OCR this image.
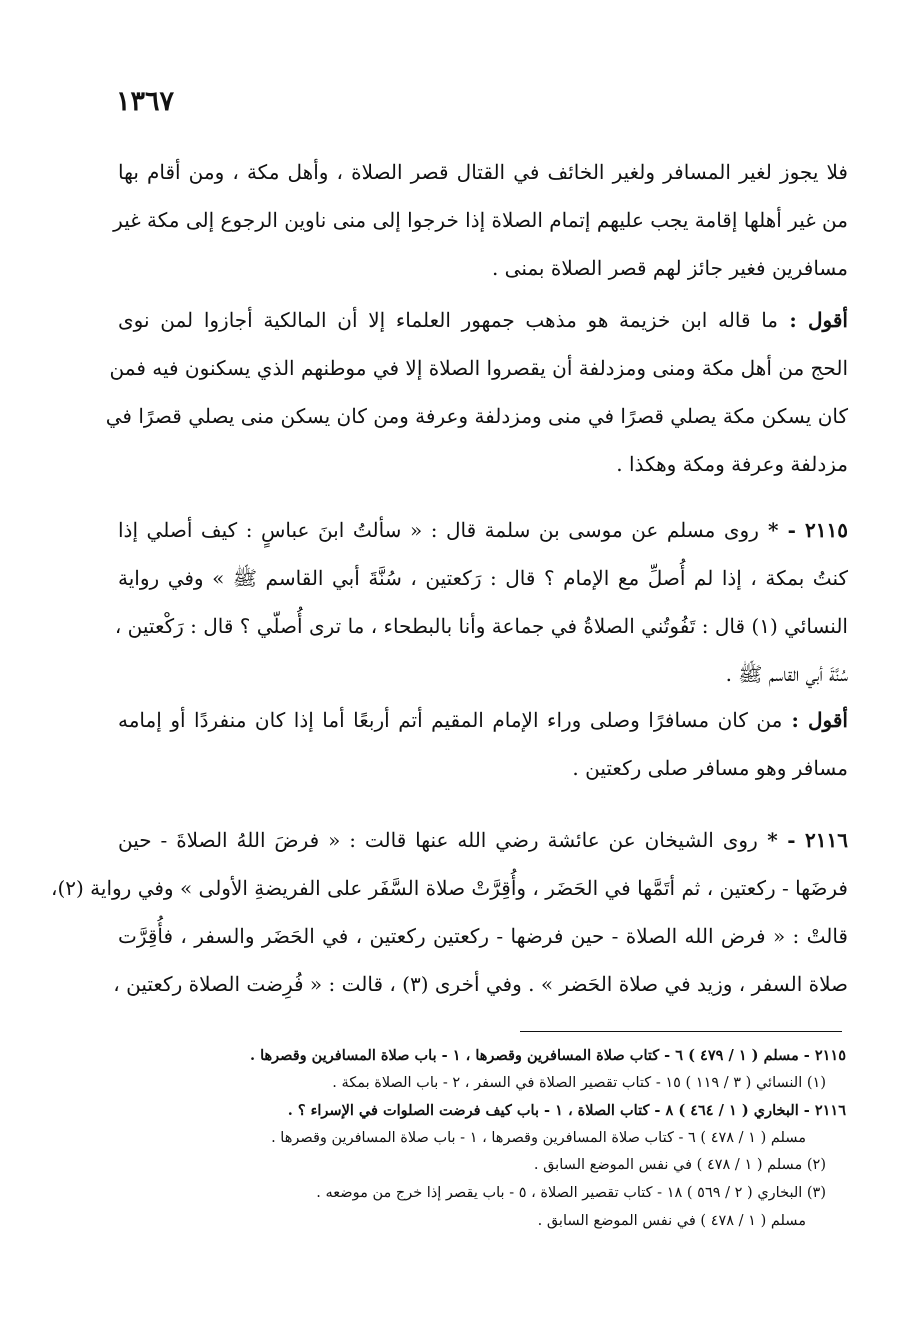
١٣٦٧
فلا يجوز لغير المسافر ولغير الخائف في القتال قصر الصلاة ، وأهل مكة ، ومن أقام بها
من غير أهلها إقامة يجب عليهم إتمام الصلاة إذا خرجوا إلى منى ناوين الرجوع إلى مكة غير
مسافرين فغير جائز لهم قصر الصلاة بمنى .
أقول : ما قاله ابن خزيمة هو مذهب جمهور العلماء إلا أن المالكية أجازوا لمن نوى
الحج من أهل مكة ومنى ومزدلفة أن يقصروا الصلاة إلا في موطنهم الذي يسكنون فيه فمن
كان يسكن مكة يصلي قصرًا في منى ومزدلفة وعرفة ومن كان يسكن منى يصلي قصرًا في
مزدلفة وعرفة ومكة وهكذا .
٢١١٥ - * روى مسلم عن موسى بن سلمة قال : « سألتُ ابنَ عباسٍ : كيف أصلي إذا
كنتُ بمكة ، إذا لم أُصلِّ مع الإمام ؟ قال : رَكعتين ، سُنَّةَ أبي القاسم ﷺ » وفي رواية
النسائي (١) قال : تَفُوتُني الصلاةُ في جماعة وأنا بالبطحاء ، ما ترى أُصلّي ؟ قال : رَكْعتين ،
سُنَّةَ أبي القاسم ﷺ .
أقول : من كان مسافرًا وصلى وراء الإمام المقيم أتم أربعًا أما إذا كان منفردًا أو إمامه
مسافر وهو مسافر صلى ركعتين .
٢١١٦ - * روى الشيخان عن عائشة رضي الله عنها قالت : « فرضَ اللهُ الصلاةَ - حين
فرضَها - ركعتين ، ثم أتَمَّها في الحَضَر ، وأُقِرَّتْ صلاة السَّفَر على الفريضةِ الأولى » وفي رواية (٢)،
قالتْ : « فرض الله الصلاة - حين فرضها - ركعتين ركعتين ، في الحَضَر والسفر ، فأُقِرَّت
صلاة السفر ، وزيد في صلاة الحَضر » . وفي أخرى (٣) ، قالت : « فُرِضت الصلاة ركعتين ،
٢١١٥ - مسلم ( ١ / ٤٧٩ ) ٦ - كتاب صلاة المسافرين وقصرها ، ١ - باب صلاة المسافرين وقصرها .
(١) النسائي ( ٣ / ١١٩ ) ١٥ - كتاب تقصير الصلاة في السفر ، ٢ - باب الصلاة بمكة .
٢١١٦ - البخاري ( ١ / ٤٦٤ ) ٨ - كتاب الصلاة ، ١ - باب كيف فرضت الصلوات في الإسراء ؟ .
مسلم ( ١ / ٤٧٨ ) ٦ - كتاب صلاة المسافرين وقصرها ، ١ - باب صلاة المسافرين وقصرها .
(٢) مسلم ( ١ / ٤٧٨ ) في نفس الموضع السابق .
(٣) البخاري ( ٢ / ٥٦٩ ) ١٨ - كتاب تقصير الصلاة ، ٥ - باب يقصر إذا خرج من موضعه .
مسلم ( ١ / ٤٧٨ ) في نفس الموضع السابق .
